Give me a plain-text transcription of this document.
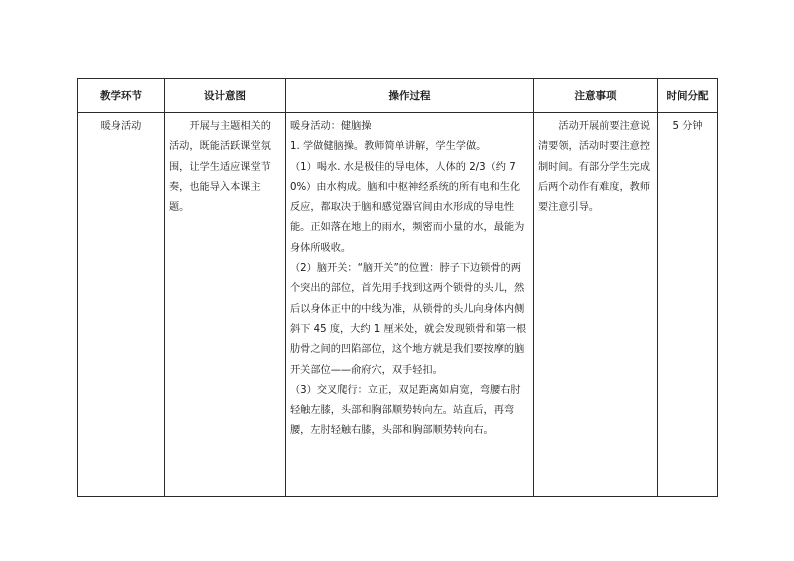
教学环节	设计意图	操作过程	注意事项	时间分配

暖身活动	开展与主题相关的活动，既能活跃课堂氛围，让学生适应课堂节奏，也能导入本课主题。	暖身活动：健脑操

1. 学做健脑操。教师简单讲解，学生学做。

（1）喝水. 水是极佳的导电体，人体的 2/3（约 70%）由水构成。脑和中枢神经系统的所有电和生化反应，都取决于脑和感觉器官间由水形成的导电性能。正如落在地上的雨水，频密而小量的水，最能为身体所吸收。

（2）脑开关：“脑开关”的位置：脖子下边锁骨的两个突出的部位，首先用手找到这两个锁骨的头儿，然后以身体正中的中线为准，从锁骨的头儿向身体内侧斜下 45 度，大约 1 厘米处，就会发现锁骨和第一根肋骨之间的凹陷部位，这个地方就是我们要按摩的脑开关部位——俞府穴，双手轻扣。

（3）交叉爬行：立正，双足距离如肩宽，弯腰右肘轻触左膝，头部和胸部顺势转向左。站直后，再弯腰，左肘轻触右膝，头部和胸部顺势转向右。	活动开展前要注意说清要领，活动时要注意控制时间。有部分学生完成后两个动作有难度，教师要注意引导。	5 分钟
